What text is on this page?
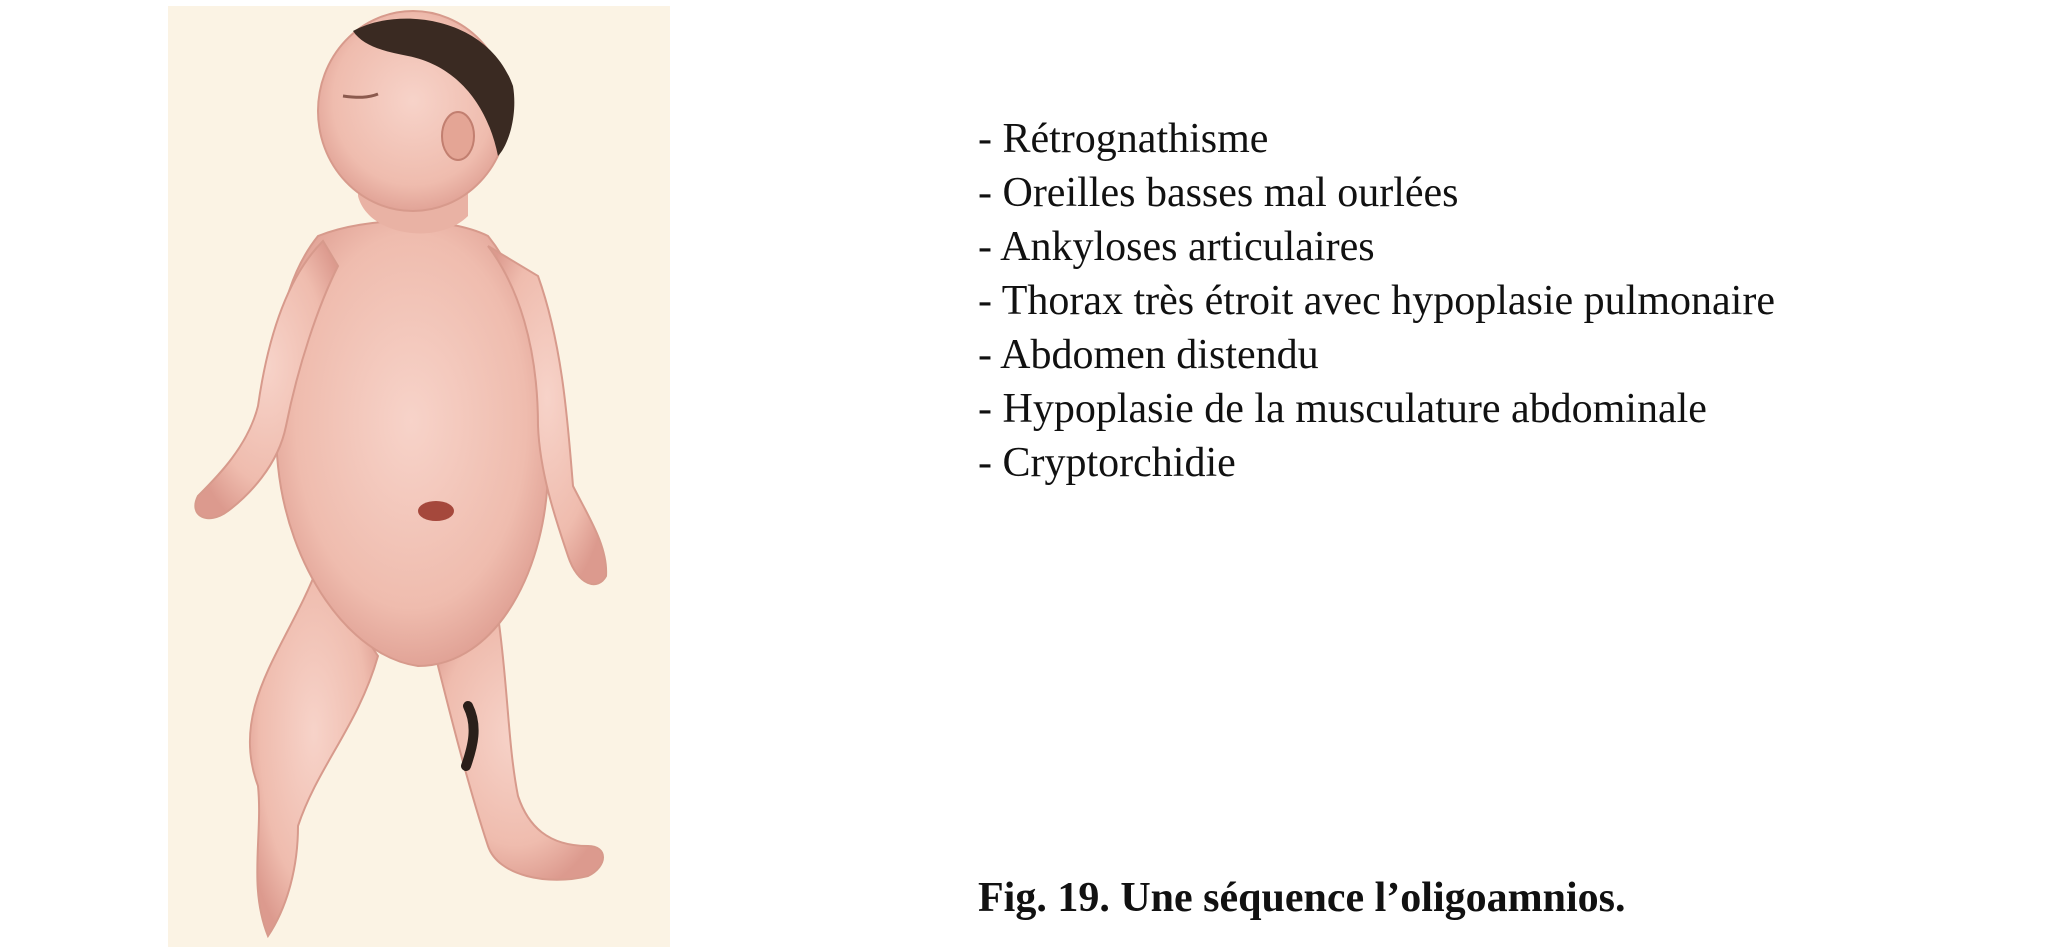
- Rétrognathisme
- Oreilles basses mal ourlées
- Ankyloses articulaires
- Thorax très étroit avec hypoplasie pulmonaire
- Abdomen distendu
- Hypoplasie de la musculature abdominale
- Cryptorchidie
Fig. 19. Une séquence l’oligoamnios.
